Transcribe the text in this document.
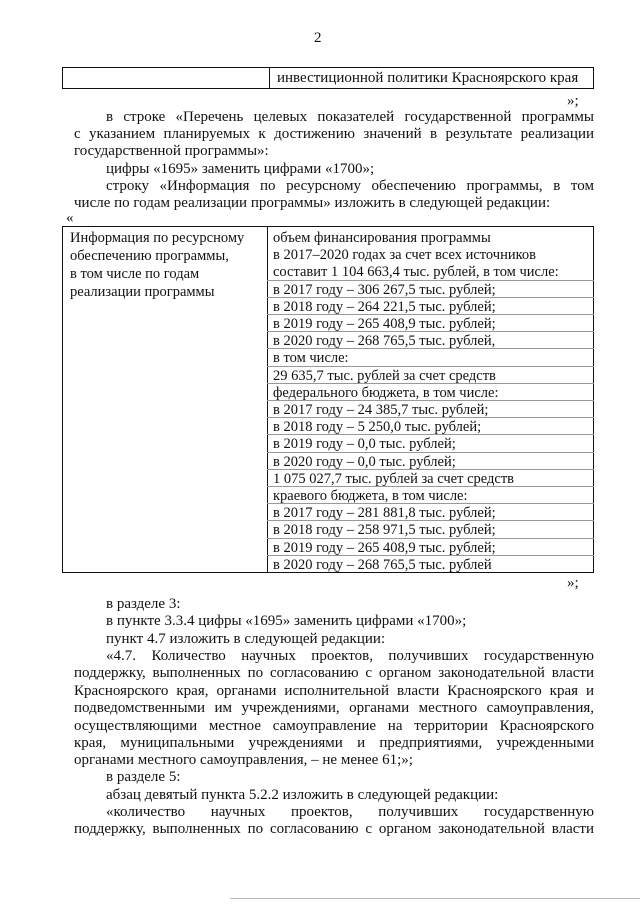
2
инвестиционной политики Красноярского края
»;
в строке «Перечень целевых показателей государственной программы
с указанием планируемых к достижению значений в результате реализации
государственной программы»:
цифры «1695» заменить цифрами «1700»;
строку «Информация по ресурсному обеспечению программы, в том
числе по годам реализации программы» изложить в следующей редакции:
«
Информация по ресурсному
обеспечению программы,
в том числе по годам
реализации программы
объем финансирования программы
в 2017–2020 годах за счет всех источников
составит 1 104 663,4 тыс. рублей, в том числе:
в 2017 году – 306 267,5 тыс. рублей;
в 2018 году – 264 221,5 тыс. рублей;
в 2019 году – 265 408,9 тыс. рублей;
в 2020 году – 268 765,5 тыс. рублей,
в том числе:
29 635,7 тыс. рублей за счет средств
федерального бюджета, в том числе:
в 2017 году – 24 385,7 тыс. рублей;
в 2018 году – 5 250,0 тыс. рублей;
в 2019 году – 0,0 тыс. рублей;
в 2020 году – 0,0 тыс. рублей;
1 075 027,7 тыс. рублей за счет средств
краевого бюджета, в том числе:
в 2017 году – 281 881,8 тыс. рублей;
в 2018 году – 258 971,5 тыс. рублей;
в 2019 году – 265 408,9 тыс. рублей;
в 2020 году – 268 765,5 тыс. рублей
»;
в разделе 3:
в пункте 3.3.4 цифры «1695» заменить цифрами «1700»;
пункт 4.7 изложить в следующей редакции:
«4.7. Количество научных проектов, получивших государственную
поддержку, выполненных по согласованию с органом законодательной власти
Красноярского края, органами исполнительной власти Красноярского края и
подведомственными им учреждениями, органами местного самоуправления,
осуществляющими местное самоуправление на территории Красноярского
края, муниципальными учреждениями и предприятиями, учрежденными
органами местного самоуправления, – не менее 61;»;
в разделе 5:
абзац девятый пункта 5.2.2 изложить в следующей редакции:
«количество научных проектов, получивших государственную
поддержку, выполненных по согласованию с органом законодательной власти
